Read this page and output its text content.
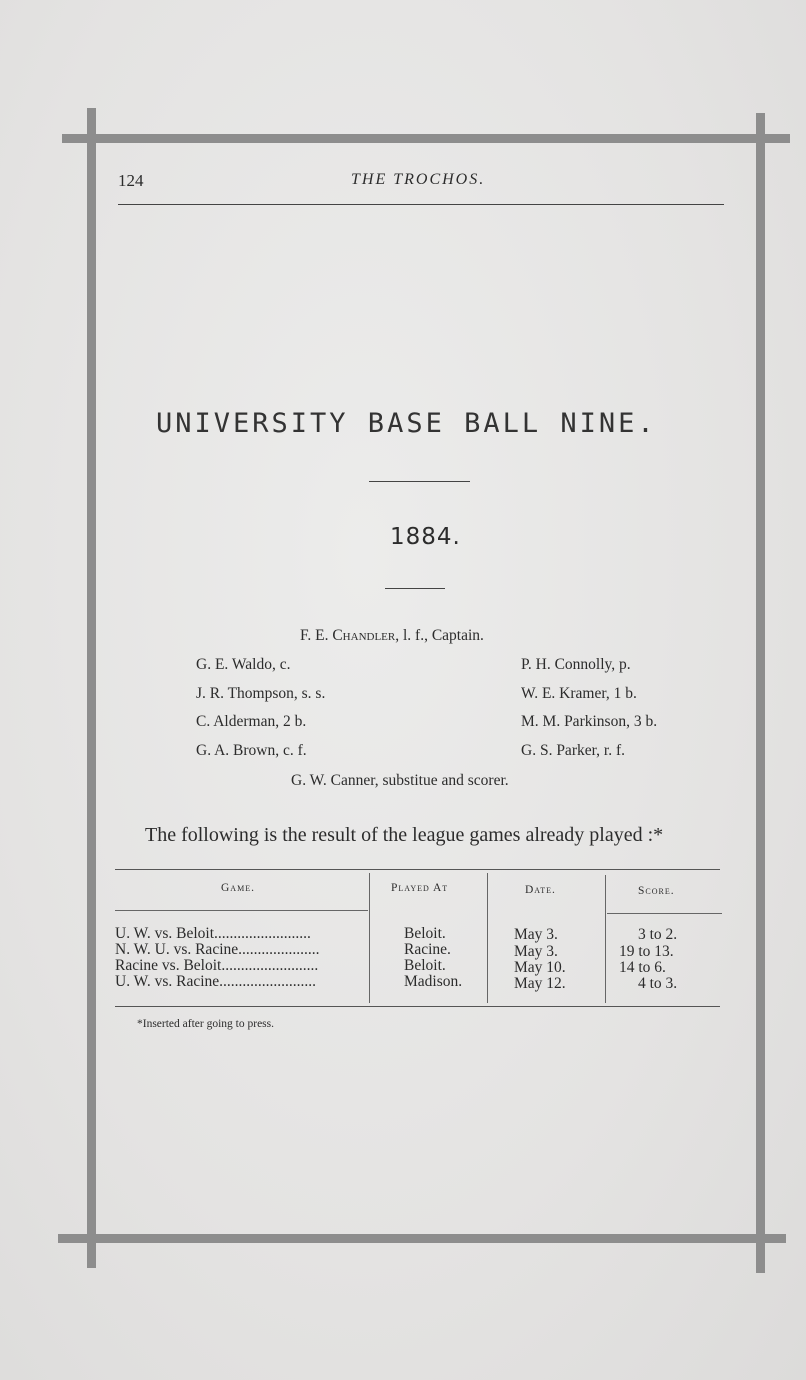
124	THE TROCHOS.
UNIVERSITY BASE BALL NINE.
1884.
F. E. Chandler, l. f., Captain.
G. E. Waldo, c.
J. R. Thompson, s. s.
C. Alderman, 2 b.
G. A. Brown, c. f.
P. H. Connolly, p.
W. E. Kramer, 1 b.
M. M. Parkinson, 3 b.
G. S. Parker, r. f.
G. W. Canner, substitue and scorer.
The following is the result of the league games already played :*
Game.	Played At	Date.	Score.
U. W. vs. Beloit.........................	Beloit.	May 3.	3 to 2.
N. W. U. vs. Racine.....................	Racine.	May 3.	19 to 13.
Racine vs. Beloit.........................	Beloit.	May 10.	14 to 6.
U. W. vs. Racine.........................	Madison.	May 12.	4 to 3.
*Inserted after going to press.
